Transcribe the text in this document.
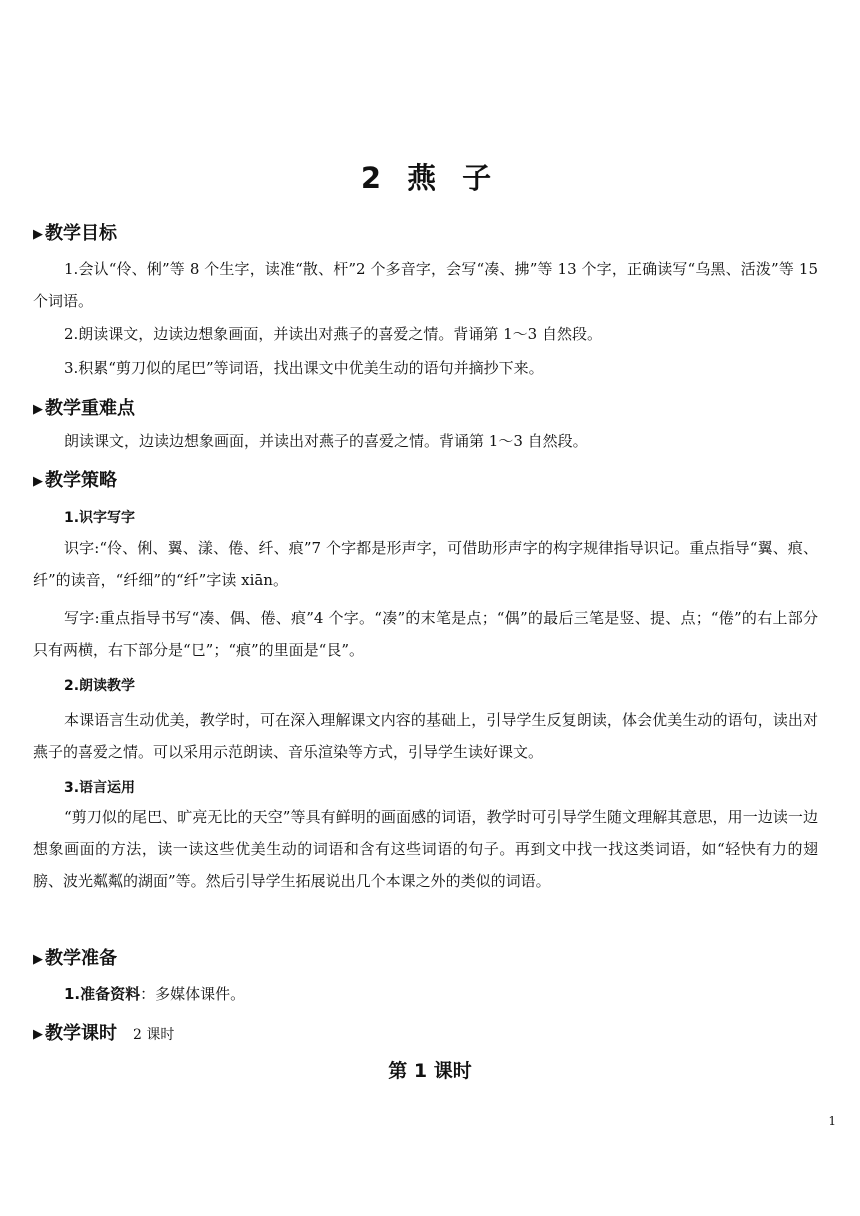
2 燕 子
▶ 教学目标

1.会认“伶、俐”等 8 个生字，读准“散、杆”2 个多音字，会写“凑、拂”等 13 个字，正确读写“乌黑、活泼”等 15 个词语。

2.朗读课文，边读边想象画面，并读出对燕子的喜爱之情。背诵第 1～3 自然段。

3.积累“剪刀似的尾巴”等词语，找出课文中优美生动的语句并摘抄下来。

▶ 教学重难点

朗读课文，边读边想象画面，并读出对燕子的喜爱之情。背诵第 1～3 自然段。

▶ 教学策略
1.识字写字

识字:“伶、俐、翼、漾、倦、纤、痕”7 个字都是形声字，可借助形声字的构字规律指导识记。重点指导“翼、痕、纤”的读音，“纤细”的“纤”字读 xiān。

写字:重点指导书写“凑、偶、倦、痕”4 个字。“凑”的末笔是点；“偶”的最后三笔是竖、提、点；“倦”的右上部分只有两横，右下部分是“㔾”；“痕”的里面是“艮”。

2.朗读教学

本课语言生动优美，教学时，可在深入理解课文内容的基础上，引导学生反复朗读，体会优美生动的语句，读出对燕子的喜爱之情。可以采用示范朗读、音乐渲染等方式，引导学生读好课文。

3.语言运用

“剪刀似的尾巴、旷亮无比的天空”等具有鲜明的画面感的词语，教学时可引导学生随文理解其意思，用一边读一边想象画面的方法，读一读这些优美生动的词语和含有这些词语的句子。再到文中找一找这类词语，如“轻快有力的翅膀、波光粼粼的湖面”等。然后引导学生拓展说出几个本课之外的类似的词语。

▶ 教学准备

1.准备资料：多媒体课件。

▶ 教学课时 2 课时
第 1 课时
1
